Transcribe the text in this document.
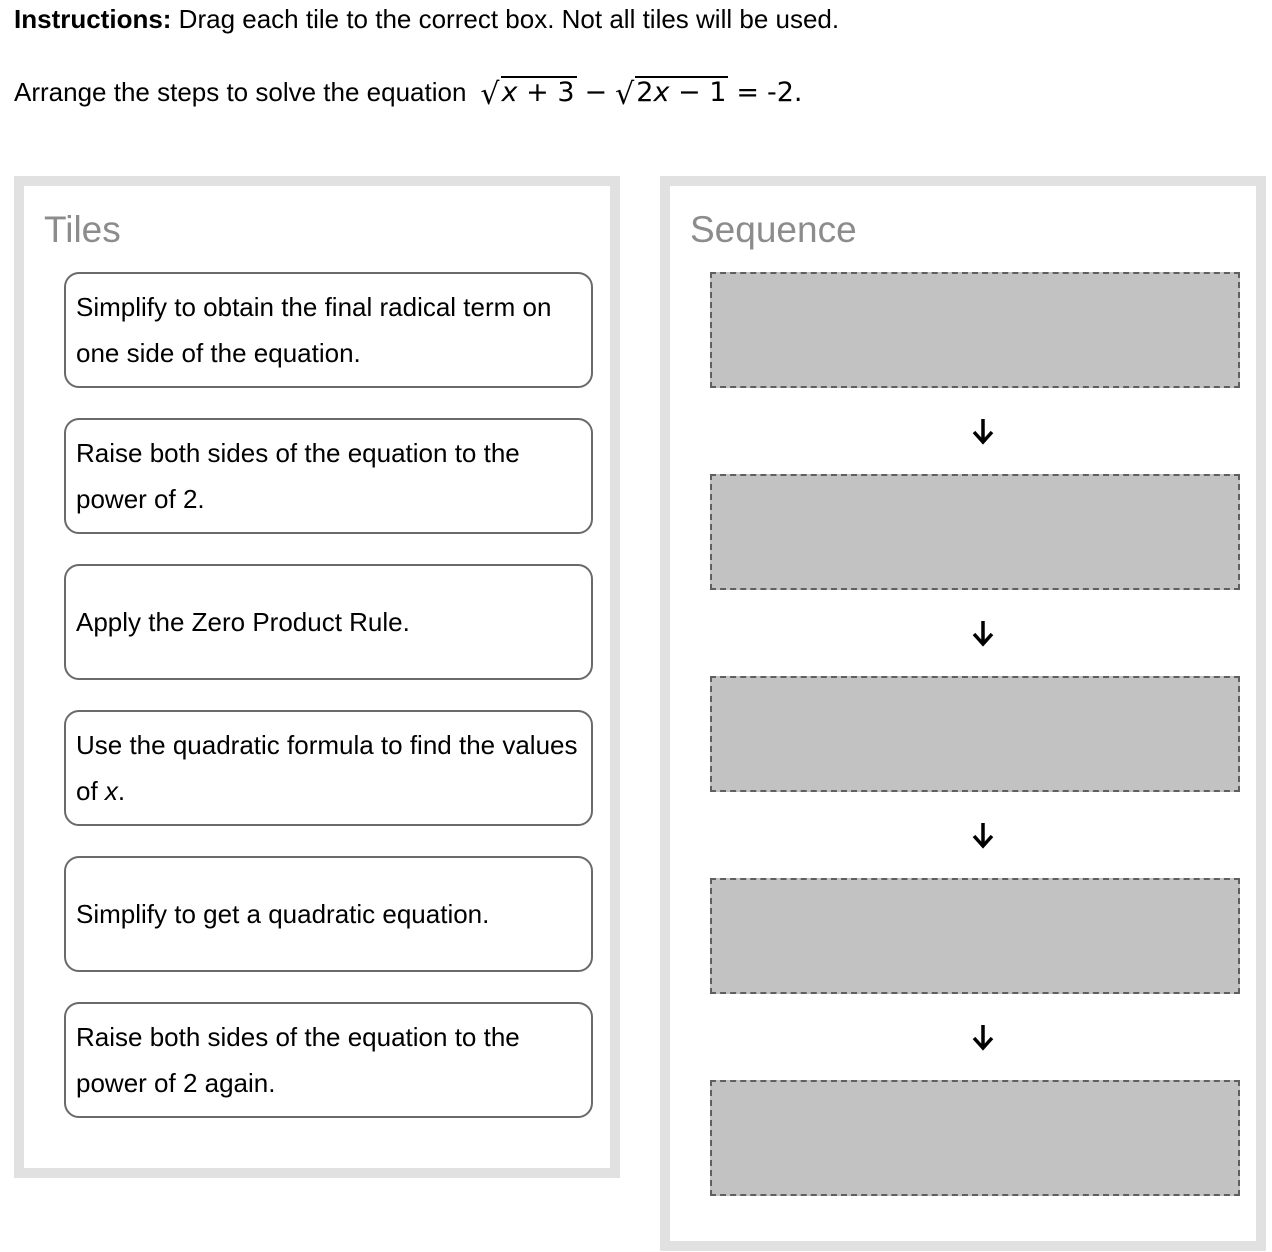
Instructions: Drag each tile to the correct box. Not all tiles will be used.
Arrange the steps to solve the equation √ x + 3 − √ 2x − 1 = -2.
Tiles
Simplify to obtain the final radical term on one side of the equation.
Raise both sides of the equation to the power of 2.
Apply the Zero Product Rule.
Use the quadratic formula to find the values of x.
Simplify to get a quadratic equation.
Raise both sides of the equation to the power of 2 again.
Sequence
